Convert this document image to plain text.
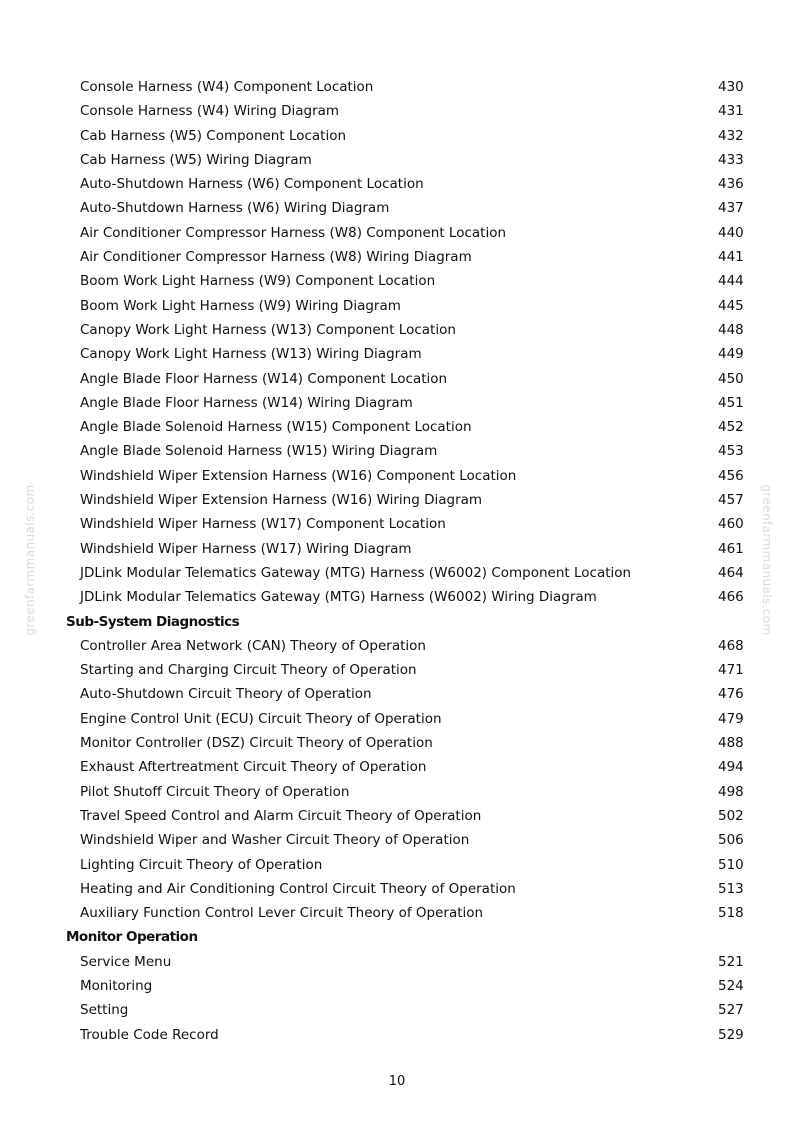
greenfarmmanuals.com	greenfarmmanuals.com
Console Harness (W4) Component Location	430
Console Harness (W4) Wiring Diagram	431
Cab Harness (W5) Component Location	432
Cab Harness (W5) Wiring Diagram	433
Auto-Shutdown Harness (W6) Component Location	436
Auto-Shutdown Harness (W6) Wiring Diagram	437
Air Conditioner Compressor Harness (W8) Component Location	440
Air Conditioner Compressor Harness (W8) Wiring Diagram	441
Boom Work Light Harness (W9) Component Location	444
Boom Work Light Harness (W9) Wiring Diagram	445
Canopy Work Light Harness (W13) Component Location	448
Canopy Work Light Harness (W13) Wiring Diagram	449
Angle Blade Floor Harness (W14) Component Location	450
Angle Blade Floor Harness (W14) Wiring Diagram	451
Angle Blade Solenoid Harness (W15) Component Location	452
Angle Blade Solenoid Harness (W15) Wiring Diagram	453
Windshield Wiper Extension Harness (W16) Component Location	456
Windshield Wiper Extension Harness (W16) Wiring Diagram	457
Windshield Wiper Harness (W17) Component Location	460
Windshield Wiper Harness (W17) Wiring Diagram	461
JDLink Modular Telematics Gateway (MTG) Harness (W6002) Component Location	464
JDLink Modular Telematics Gateway (MTG) Harness (W6002) Wiring Diagram	466
Sub-System Diagnostics
Controller Area Network (CAN) Theory of Operation	468
Starting and Charging Circuit Theory of Operation	471
Auto-Shutdown Circuit Theory of Operation	476
Engine Control Unit (ECU) Circuit Theory of Operation	479
Monitor Controller (DSZ) Circuit Theory of Operation	488
Exhaust Aftertreatment Circuit Theory of Operation	494
Pilot Shutoff Circuit Theory of Operation	498
Travel Speed Control and Alarm Circuit Theory of Operation	502
Windshield Wiper and Washer Circuit Theory of Operation	506
Lighting Circuit Theory of Operation	510
Heating and Air Conditioning Control Circuit Theory of Operation	513
Auxiliary Function Control Lever Circuit Theory of Operation	518
Monitor Operation
Service Menu	521
Monitoring	524
Setting	527
Trouble Code Record	529
10
